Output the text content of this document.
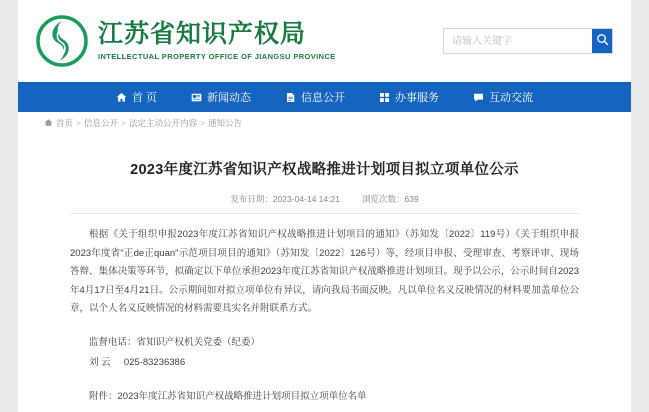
江苏省知识产权局
INTELLECTUAL PROPERTY OFFICE OF JIANGSU PROVINCE
请输入关键字
首 页	新闻动态	信息公开	办事服务	互动交流
首页 > 信息公开 > 法定主动公开内容 > 通知公告
2023年度江苏省知识产权战略推进计划项目拟立项单位公示
发布日期：2023-04-14 14:21	浏览次数：639

根据《关于组织申报2023年度江苏省知识产权战略推进计划项目的通知》（苏知发〔2022〕119号）《关于组织申报2023年度省"正de正quan"示范项目项目的通知》（苏知发〔2022〕126号）等，经项目申报、受理审查、考察评审、现场答辩、集体决策等环节，拟确定以下单位承担2023年度江苏省知识产权战略推进计划项目。现予以公示，公示时间自2023年4月17日至4月21日。公示期间如对拟立项单位有异议，请向我局书面反映。凡以单位名义反映情况的材料要加盖单位公章，以个人名义反映情况的材料需要具实名并附联系方式。

监督电话：省知识产权机关党委（纪委）
刘 云 025-83236386
附件：2023年度江苏省知识产权战略推进计划项目拟立项单位名单
